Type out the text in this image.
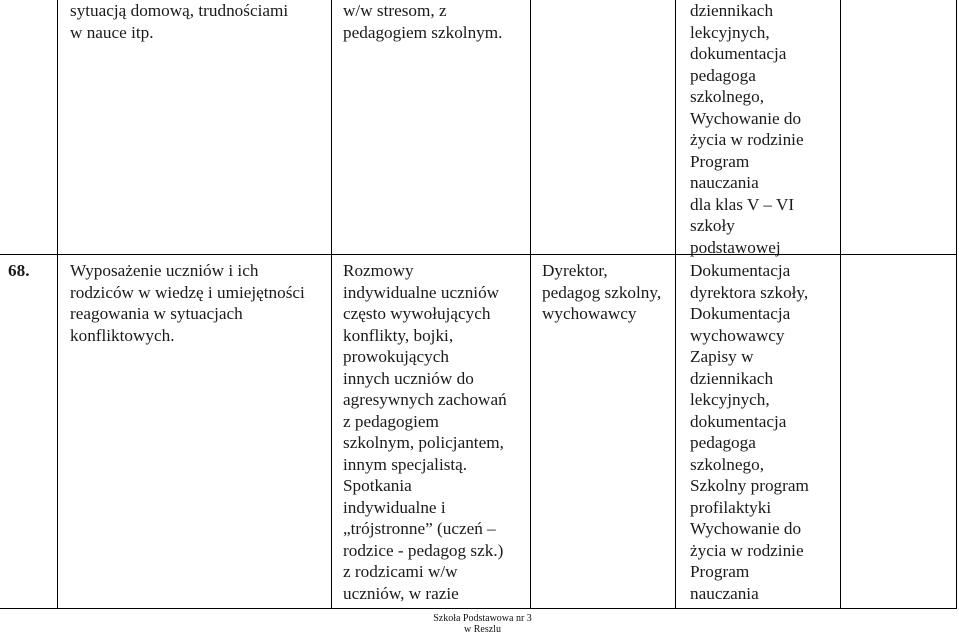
sytuacją domową, trudnościami
w nauce itp.
w/w stresom, z
pedagogiem szkolnym.
dziennikach
lekcyjnych,
dokumentacja
pedagoga
szkolnego,
Wychowanie do
życia w rodzinie
Program
nauczania
dla klas V – VI
szkoły
podstawowej
68.	Wyposażenie uczniów i ich
rodziców w wiedzę i umiejętności
reagowania w sytuacjach
konfliktowych.
Rozmowy
indywidualne uczniów
często wywołujących
konflikty, bojki,
prowokujących
innych uczniów do
agresywnych zachowań
z pedagogiem
szkolnym, policjantem,
innym specjalistą.
Spotkania
indywidualne i
„trójstronne” (uczeń –
rodzice - pedagog szk.)
z rodzicami w/w
uczniów, w razie
Dyrektor,
pedagog szkolny,
wychowawcy
Dokumentacja
dyrektora szkoły,
Dokumentacja
wychowawcy
Zapisy w
dziennikach
lekcyjnych,
dokumentacja
pedagoga
szkolnego,
Szkolny program
profilaktyki
Wychowanie do
życia w rodzinie
Program
nauczania
Szkoła Podstawowa nr 3
w Reszlu
